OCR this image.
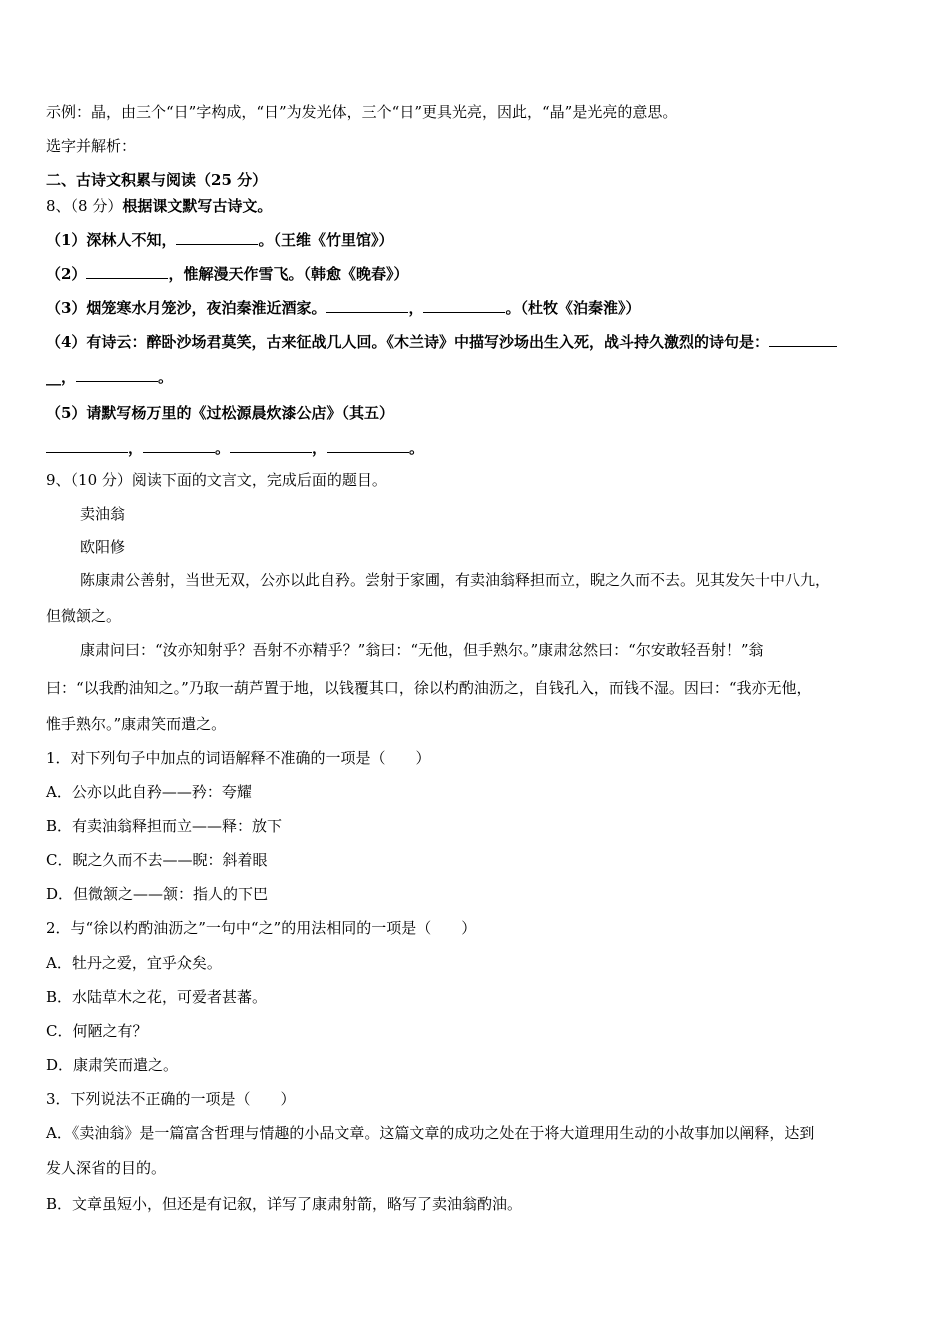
示例：晶，由三个“日”字构成，“日”为发光体，三个“日”更具光亮，因此，“晶”是光亮的意思。
选字并解析：
二、古诗文积累与阅读（25 分）
8、（8 分）根据课文默写古诗文。
（1）深林人不知，	。（王维《竹里馆》）
（2）	，惟解漫天作雪飞。（韩愈《晚春》）
（3）烟笼寒水月笼沙，夜泊秦淮近酒家。	，	。（杜牧《泊秦淮》）
（4）有诗云：醉卧沙场君莫笑，古来征战几人回。《木兰诗》中描写沙场出生入死，战斗持久激烈的诗句是：
__，	。
（5）请默写杨万里的《过松源晨炊漆公店》（其五）
，	。	，	。
9、（10 分）阅读下面的文言文，完成后面的题目。
卖油翁
欧阳修
陈康肃公善射，当世无双，公亦以此自矜。尝射于家圃，有卖油翁释担而立，睨之久而不去。见其发矢十中八九，
但微颔之。
康肃问曰：“汝亦知射乎？吾射不亦精乎？”翁曰：“无他，但手熟尔。”康肃忿然曰：“尔安敢轻吾射！”翁
曰：“以我酌油知之。”乃取一葫芦置于地，以钱覆其口，徐以杓酌油沥之，自钱孔入，而钱不湿。因曰：“我亦无他，
惟手熟尔。”康肃笑而遣之。
1．对下列句子中加点的词语解释不准确的一项是（　　）
A．公亦以此自矜——矜：夸耀
B．有卖油翁释担而立——释：放下
C．睨之久而不去——睨：斜着眼
D．但微颔之——颔：指人的下巴
2．与“徐以杓酌油沥之”一句中“之”的用法相同的一项是（　　）
A．牡丹之爱，宜乎众矣。
B．水陆草木之花，可爱者甚蕃。
C．何陋之有？
D．康肃笑而遣之。
3．下列说法不正确的一项是（　　）
A．《卖油翁》是一篇富含哲理与情趣的小品文章。这篇文章的成功之处在于将大道理用生动的小故事加以阐释，达到
发人深省的目的。
B．文章虽短小，但还是有记叙，详写了康肃射箭，略写了卖油翁酌油。
